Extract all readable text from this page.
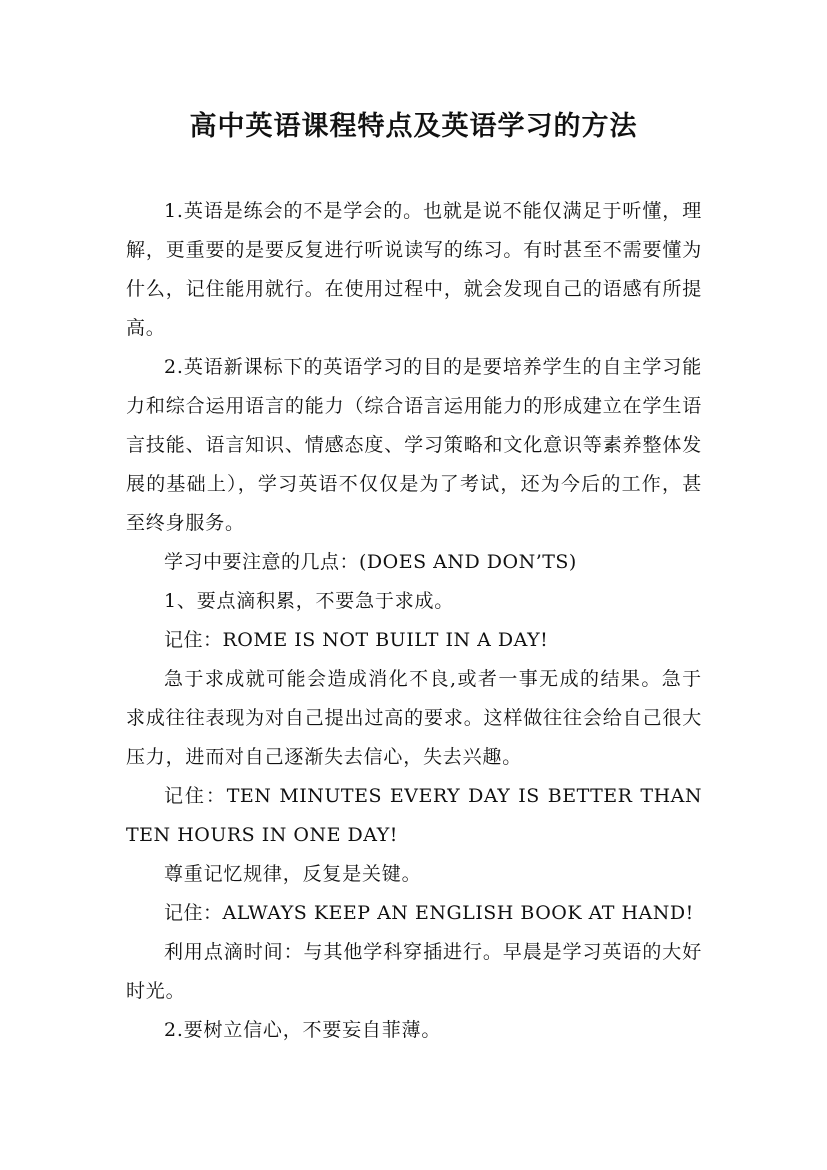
高中英语课程特点及英语学习的方法

1.英语是练会的不是学会的。也就是说不能仅满足于听懂，理解，更重要的是要反复进行听说读写的练习。有时甚至不需要懂为什么，记住能用就行。在使用过程中，就会发现自己的语感有所提高。

2.英语新课标下的英语学习的目的是要培养学生的自主学习能力和综合运用语言的能力（综合语言运用能力的形成建立在学生语言技能、语言知识、情感态度、学习策略和文化意识等素养整体发展的基础上），学习英语不仅仅是为了考试，还为今后的工作，甚至终身服务。

学习中要注意的几点：(DOES AND DON’TS)

1、要点滴积累，不要急于求成。

记住：ROME IS NOT BUILT IN A DAY!

急于求成就可能会造成消化不良,或者一事无成的结果。急于求成往往表现为对自己提出过高的要求。这样做往往会给自己很大压力，进而对自己逐渐失去信心，失去兴趣。

记住：TEN MINUTES EVERY DAY IS BETTER THAN TEN HOURS IN ONE DAY!

尊重记忆规律，反复是关键。

记住：ALWAYS KEEP AN ENGLISH BOOK AT HAND!

利用点滴时间：与其他学科穿插进行。早晨是学习英语的大好时光。

2.要树立信心，不要妄自菲薄。
